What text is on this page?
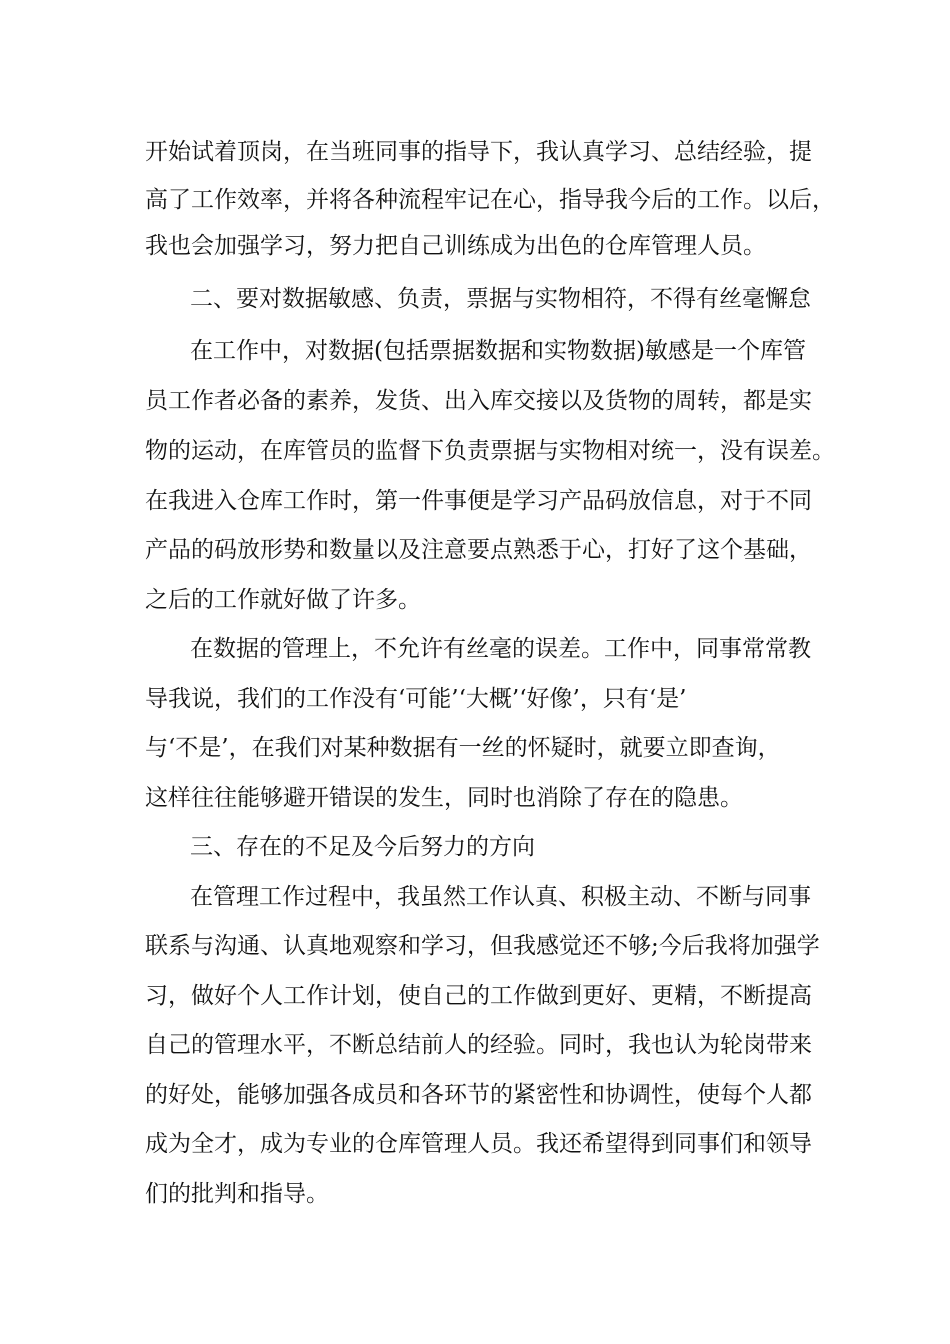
开始试着顶岗，在当班同事的指导下，我认真学习、总结经验，提
高了工作效率，并将各种流程牢记在心，指导我今后的工作。以后，
我也会加强学习，努力把自己训练成为出色的仓库管理人员。
二、要对数据敏感、负责，票据与实物相符，不得有丝毫懈怠
在工作中，对数据(包括票据数据和实物数据)敏感是一个库管
员工作者必备的素养，发货、出入库交接以及货物的周转，都是实
物的运动，在库管员的监督下负责票据与实物相对统一，没有误差。
在我进入仓库工作时，第一件事便是学习产品码放信息，对于不同
产品的码放形势和数量以及注意要点熟悉于心，打好了这个基础，
之后的工作就好做了许多。
在数据的管理上，不允许有丝毫的误差。工作中，同事常常教
导我说，我们的工作没有‘可能’‘大概’‘好像’，只有‘是’
与‘不是’，在我们对某种数据有一丝的怀疑时，就要立即查询，
这样往往能够避开错误的发生，同时也消除了存在的隐患。
三、存在的不足及今后努力的方向
在管理工作过程中，我虽然工作认真、积极主动、不断与同事
联系与沟通、认真地观察和学习，但我感觉还不够;今后我将加强学
习，做好个人工作计划，使自己的工作做到更好、更精，不断提高
自己的管理水平，不断总结前人的经验。同时，我也认为轮岗带来
的好处，能够加强各成员和各环节的紧密性和协调性，使每个人都
成为全才，成为专业的仓库管理人员。我还希望得到同事们和领导
们的批判和指导。
